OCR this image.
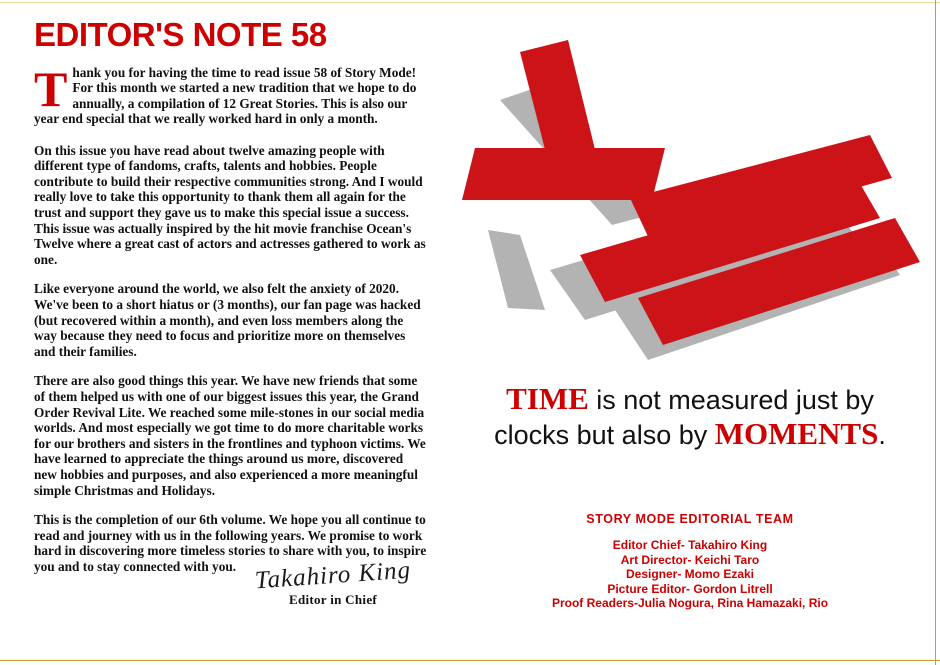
EDITOR'S NOTE 58

T hank you for having the time to read issue 58 of Story Mode! For this month we started a new tradition that we hope to do annually, a compilation of 12 Great Stories. This is also our year end special that we really worked hard in only a month.

On this issue you have read about twelve amazing people with different type of fandoms, crafts, talents and hobbies. People contribute to build their respective communities strong. And I would really love to take this opportunity to thank them all again for the trust and support they gave us to make this special issue a success. This issue was actually inspired by the hit movie franchise Ocean's Twelve where a great cast of actors and actresses gathered to work as one.

Like everyone around the world, we also felt the anxiety of 2020. We've been to a short hiatus or (3 months), our fan page was hacked (but recovered within a month), and even loss members along the way because they need to focus and prioritize more on themselves and their families.

There are also good things this year. We have new friends that some of them helped us with one of our biggest issues this year, the Grand Order Revival Lite. We reached some mile-stones in our social media worlds. And most especially we got time to do more charitable works for our brothers and sisters in the frontlines and typhoon victims. We have learned to appreciate the things around us more, discovered new hobbies and purposes, and also experienced a more meaningful simple Christmas and Holidays.

This is the completion of our 6th volume. We hope you all continue to read and journey with us in the following years. We promise to work hard in discovering more timeless stories to share with you, to inspire you and to stay connected with you. Takahiro King
Editor in Chief
TIME is not measured just by clocks but also by MOMENTS.
STORY MODE EDITORIAL TEAM
Editor Chief- Takahiro King
Art Director- Keichi Taro
Designer- Momo Ezaki
Picture Editor- Gordon Litrell
Proof Readers-Julia Nogura, Rina Hamazaki, Rio
